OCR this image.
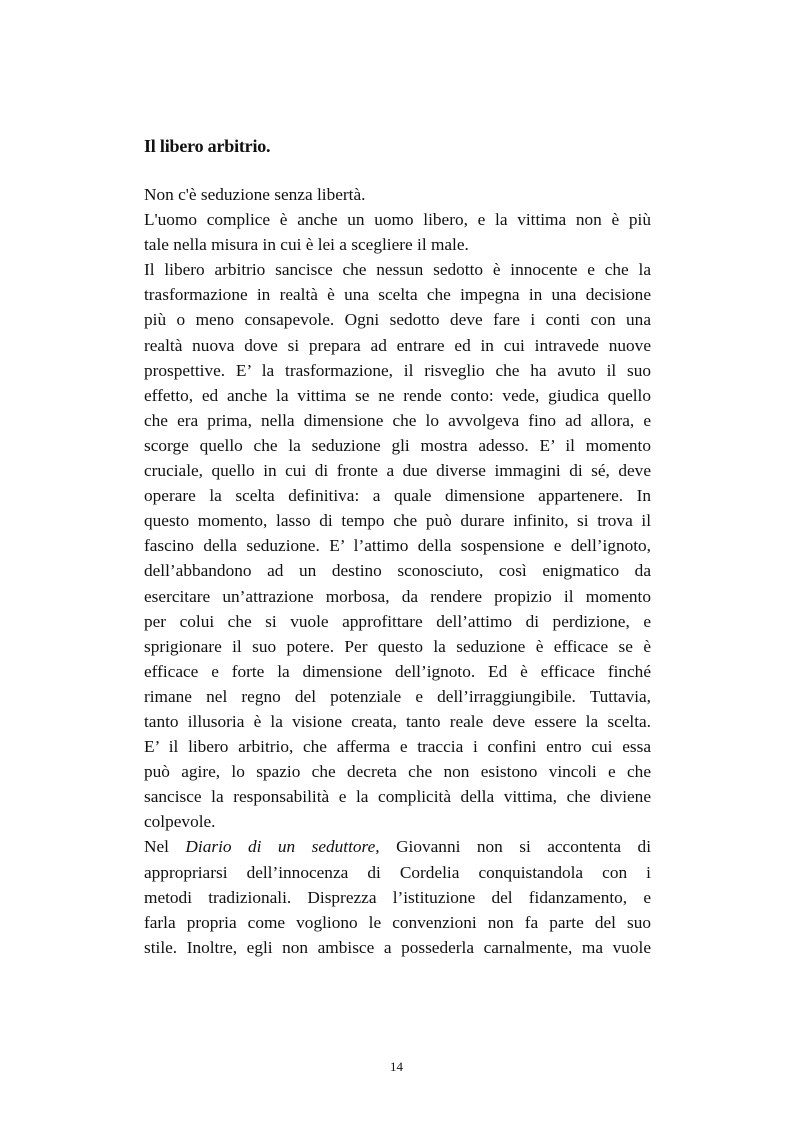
Il libero arbitrio.
Non c'è seduzione senza libertà.
L'uomo complice è anche un uomo libero, e la vittima non è più
tale nella misura in cui è lei a scegliere il male.
Il libero arbitrio sancisce che nessun sedotto è innocente e che la
trasformazione in realtà è una scelta che impegna in una decisione
più o meno consapevole. Ogni sedotto deve fare i conti con una
realtà nuova dove si prepara ad entrare ed in cui intravede nuove
prospettive. E’ la trasformazione, il risveglio che ha avuto il suo
effetto, ed anche la vittima se ne rende conto: vede, giudica quello
che era prima, nella dimensione che lo avvolgeva fino ad allora, e
scorge quello che la seduzione gli mostra adesso. E’ il momento
cruciale, quello in cui di fronte a due diverse immagini di sé, deve
operare la scelta definitiva: a quale dimensione appartenere. In
questo momento, lasso di tempo che può durare infinito, si trova il
fascino della seduzione. E’ l’attimo della sospensione e dell’ignoto,
dell’abbandono ad un destino sconosciuto, così enigmatico da
esercitare un’attrazione morbosa, da rendere propizio il momento
per colui che si vuole approfittare dell’attimo di perdizione, e
sprigionare il suo potere. Per questo la seduzione è efficace se è
efficace e forte la dimensione dell’ignoto. Ed è efficace finché
rimane nel regno del potenziale e dell’irraggiungibile. Tuttavia,
tanto illusoria è la visione creata, tanto reale deve essere la scelta.
E’ il libero arbitrio, che afferma e traccia i confini entro cui essa
può agire, lo spazio che decreta che non esistono vincoli e che
sancisce la responsabilità e la complicità della vittima, che diviene
colpevole.
Nel Diario di un seduttore, Giovanni non si accontenta di
appropriarsi dell’innocenza di Cordelia conquistandola con i
metodi tradizionali. Disprezza l’istituzione del fidanzamento, e
farla propria come vogliono le convenzioni non fa parte del suo
stile. Inoltre, egli non ambisce a possederla carnalmente, ma vuole
14
